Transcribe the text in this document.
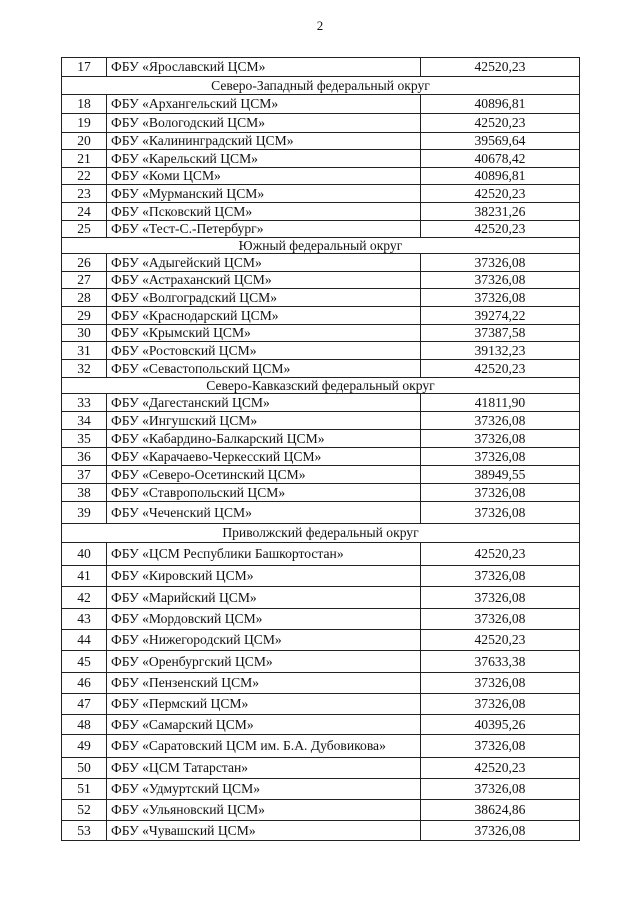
2
17	ФБУ «Ярославский ЦСМ»	42520,23
Северо-Западный федеральный округ		
18	ФБУ «Архангельский ЦСМ»	40896,81
19	ФБУ «Вологодский ЦСМ»	42520,23
20	ФБУ «Калининградский ЦСМ»	39569,64
21	ФБУ «Карельский ЦСМ»	40678,42
22	ФБУ «Коми ЦСМ»	40896,81
23	ФБУ «Мурманский ЦСМ»	42520,23
24	ФБУ «Псковский ЦСМ»	38231,26
25	ФБУ «Тест-С.-Петербург»	42520,23
Южный федеральный округ		
26	ФБУ «Адыгейский ЦСМ»	37326,08
27	ФБУ «Астраханский ЦСМ»	37326,08
28	ФБУ «Волгоградский ЦСМ»	37326,08
29	ФБУ «Краснодарский ЦСМ»	39274,22
30	ФБУ «Крымский ЦСМ»	37387,58
31	ФБУ «Ростовский ЦСМ»	39132,23
32	ФБУ «Севастопольский ЦСМ»	42520,23
Северо-Кавказский федеральный округ		
33	ФБУ «Дагестанский ЦСМ»	41811,90
34	ФБУ «Ингушский ЦСМ»	37326,08
35	ФБУ «Кабардино-Балкарский ЦСМ»	37326,08
36	ФБУ «Карачаево-Черкесский ЦСМ»	37326,08
37	ФБУ «Северо-Осетинский ЦСМ»	38949,55
38	ФБУ «Ставропольский ЦСМ»	37326,08
39	ФБУ «Чеченский ЦСМ»	37326,08
Приволжский федеральный округ		
40	ФБУ «ЦСМ Республики Башкортостан»	42520,23
41	ФБУ «Кировский ЦСМ»	37326,08
42	ФБУ «Марийский ЦСМ»	37326,08
43	ФБУ «Мордовский ЦСМ»	37326,08
44	ФБУ «Нижегородский ЦСМ»	42520,23
45	ФБУ «Оренбургский ЦСМ»	37633,38
46	ФБУ «Пензенский ЦСМ»	37326,08
47	ФБУ «Пермский ЦСМ»	37326,08
48	ФБУ «Самарский ЦСМ»	40395,26
49	ФБУ «Саратовский ЦСМ им. Б.А. Дубовикова»	37326,08
50	ФБУ «ЦСМ Татарстан»	42520,23
51	ФБУ «Удмуртский ЦСМ»	37326,08
52	ФБУ «Ульяновский ЦСМ»	38624,86
53	ФБУ «Чувашский ЦСМ»	37326,08
